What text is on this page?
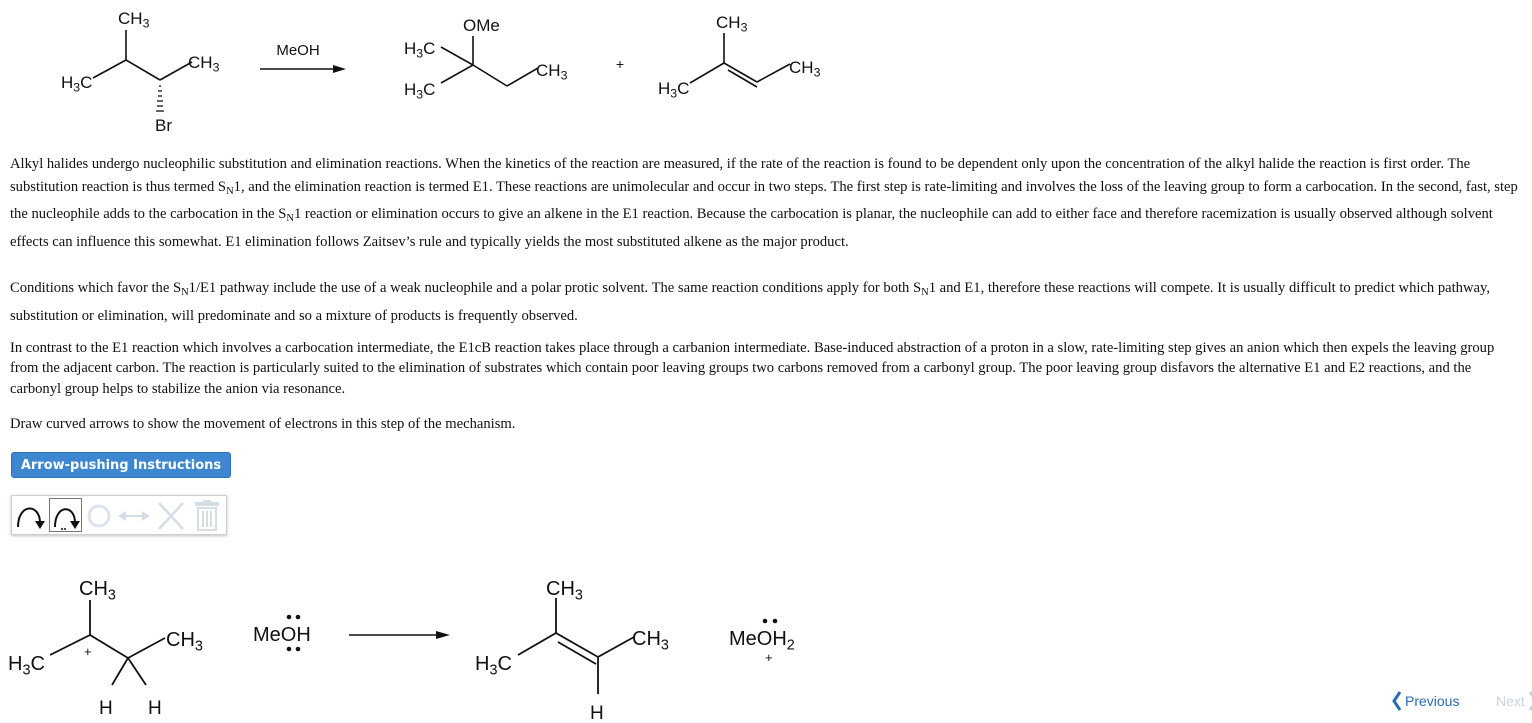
MeOH
$CH_3$
$CH_3$
$H_3C$
Br
OMe
$H_3C$
$H_3C$
$CH_3$
+
$CH_3$
$CH_3$
$H_3C$

Alkyl halides undergo nucleophilic substitution and elimination reactions. When the kinetics of the reaction are measured, if the rate of the reaction is found to be dependent only upon the concentration of the alkyl halide the reaction is first order. The substitution reaction is thus termed $S_N1$, and the elimination reaction is termed E1. These reactions are unimolecular and occur in two steps. The first step is rate-limiting and involves the loss of the leaving group to form a carbocation. In the second, fast, step the nucleophile adds to the carbocation in the $S_N1$ reaction or elimination occurs to give an alkene in the E1 reaction. Because the carbocation is planar, the nucleophile can add to either face and therefore racemization is usually observed although solvent effects can influence this somewhat. E1 elimination follows Zaitsev’s rule and typically yields the most substituted alkene as the major product.

Conditions which favor the $S_N1/E1$ pathway include the use of a weak nucleophile and a polar protic solvent. The same reaction conditions apply for both $S_N1$ and E1, therefore these reactions will compete. It is usually difficult to predict which pathway, substitution or elimination, will predominate and so a mixture of products is frequently observed.

In contrast to the E1 reaction which involves a carbocation intermediate, the E1cB reaction takes place through a carbanion intermediate. Base-induced abstraction of a proton in a slow, rate-limiting step gives an anion which then expels the leaving group from the adjacent carbon. The reaction is particularly suited to the elimination of substrates which contain poor leaving groups two carbons removed from a carbonyl group. The poor leaving group disfavors the alternative E1 and E2 reactions, and the carbonyl group helps to stabilize the anion via resonance.

Draw curved arrows to show the movement of electrons in this step of the mechanism.

Arrow-pushing Instructions
$CH_3$
$CH_3$
$H_3C$
+
H H
MeOH
$CH_3$
$CH_3$
$H_3C$
H
MeOH$_2$
+
Previous	Next
